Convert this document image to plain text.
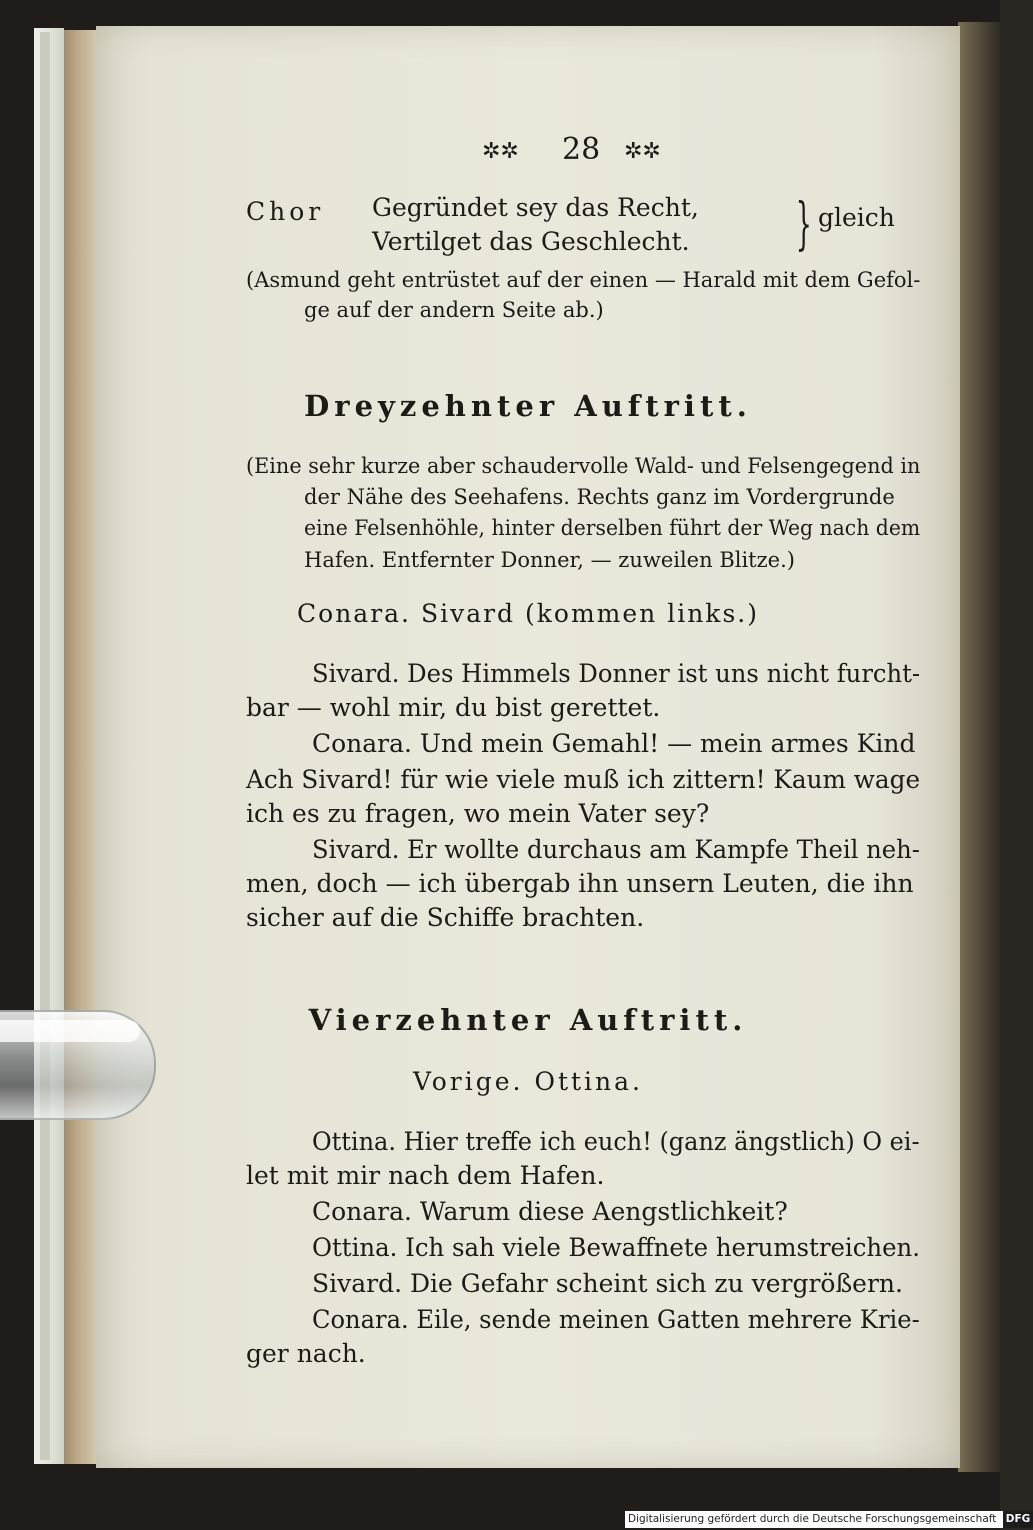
✲✲ 28 ✲✲
Chor Gegründet sey das Recht,
Vertilget das Geschlecht. } gleich
(Asmund geht entrüstet auf der einen — Harald mit dem Gefol-
ge auf der andern Seite ab.)
Dreyzehnter Auftritt.
(Eine sehr kurze aber schaudervolle Wald- und Felsengegend in
der Nähe des Seehafens. Rechts ganz im Vordergrunde
eine Felsenhöhle, hinter derselben führt der Weg nach dem
Hafen. Entfernter Donner, — zuweilen Blitze.)
Conara. Sivard (kommen links.)
Sivard. Des Himmels Donner ist uns nicht furcht-
bar — wohl mir, du bist gerettet.
Conara. Und mein Gemahl! — mein armes Kind
Ach Sivard! für wie viele muß ich zittern! Kaum wage
ich es zu fragen, wo mein Vater sey?
Sivard. Er wollte durchaus am Kampfe Theil neh-
men, doch — ich übergab ihn unsern Leuten, die ihn
sicher auf die Schiffe brachten.
Vierzehnter Auftritt.
Vorige. Ottina.
Ottina. Hier treffe ich euch! (ganz ängstlich) O ei-
let mit mir nach dem Hafen.
Conara. Warum diese Aengstlichkeit?
Ottina. Ich sah viele Bewaffnete herumstreichen.
Sivard. Die Gefahr scheint sich zu vergrößern.
Conara. Eile, sende meinen Gatten mehrere Krie-
ger nach.
Digitalisierung gefördert durch die Deutsche Forschungsgemeinschaft DFG
